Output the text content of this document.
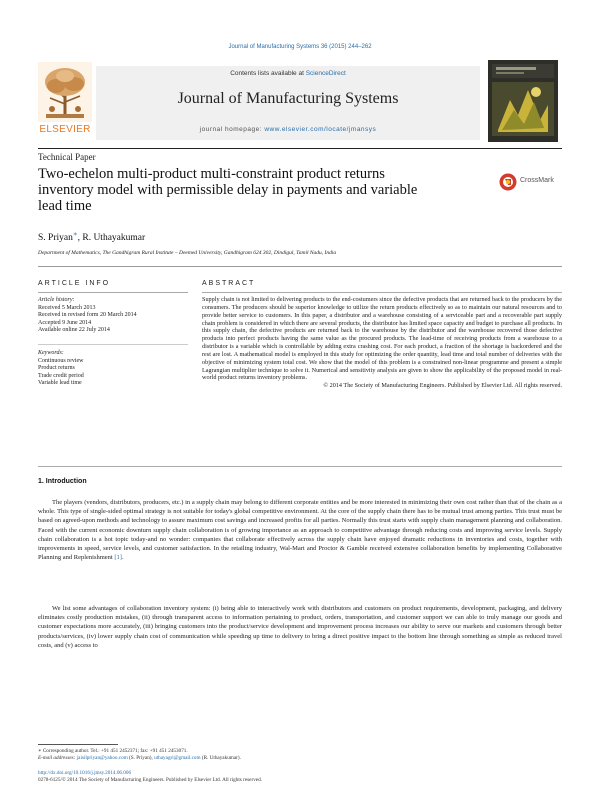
Journal of Manufacturing Systems 36 (2015) 244–262
Contents lists available at ScienceDirect
Journal of Manufacturing Systems
journal homepage: www.elsevier.com/locate/jmansys
ELSEVIER
Technical Paper
Two-echelon multi-product multi-constraint product returns inventory model with permissible delay in payments and variable lead time
CrossMark
S. Priyan∗, R. Uthayakumar
Department of Mathematics, The Gandhigram Rural Institute – Deemed University, Gandhigram 624 302, Dindigul, Tamil Nadu, India
ARTICLE INFO
Article history:
Received 5 March 2013
Received in revised form 20 March 2014
Accepted 9 June 2014
Available online 22 July 2014
Keywords:
Continuous review
Product returns
Trade credit period
Variable lead time
ABSTRACT
Supply chain is not limited to delivering products to the end-costumers since the defective products that are returned back to the producers by the consumers. The producers should be superior knowledge to utilize the return products effectively so as to maintain our natural resources and to provide better service to customers. In this paper, a distributor and a warehouse consisting of a serviceable part and a recoverable part supply chain problem is considered in which there are several products, the distributor has limited space capacity and budget to purchase all products. In this supply chain, the defective products are returned back to the warehouse by the distributor and the warehouse recovered those defective products into perfect products having the same value as the procured products. The lead-time of receiving products from a warehouse to a distributor is a variable which is controllable by adding extra crashing cost. For each product, a fraction of the shortage is backordered and the rest are lost. A mathematical model is employed in this study for optimizing the order quantity, lead time and total number of deliveries with the objective of minimizing system total cost. We show that the model of this problem is a constrained non-linear programme and present a simple Lagrangian multiplier technique to solve it. Numerical and sensitivity analysis are given to show the applicability of the proposed model in real-world product returns inventory problems.
© 2014 The Society of Manufacturing Engineers. Published by Elsevier Ltd. All rights reserved.
1. Introduction
The players (vendors, distributors, producers, etc.) in a supply chain may belong to different corporate entities and be more interested in minimizing their own cost rather than that of the chain as a whole. This type of single-sided optimal strategy is not suitable for today's global competitive environment. At the core of the supply chain there has to be mutual trust among parties. This trust must be based on agreed-upon methods and technology to assure maximum cost savings and increased profits for all parties. Normally this trust starts with supply chain management planning and collaboration. Faced with the current economic downturn supply chain collaboration is of growing importance as an approach to competitive advantage through reducing costs and improving service levels. Supply chain collaboration is a hot topic today-and no wonder: companies that collaborate effectively across the supply chain have enjoyed dramatic reductions in inventories and costs, together with improvements in speed, service levels, and customer satisfaction. In the retailing industry, Wal-Mart and Proctor & Gamble received extensive collaboration benefits by implementing Collaborative Planning and Replenishment [1].
We list some advantages of collaboration inventory system: (i) being able to interactively work with distributors and customers on product requirements, development, packaging, and delivery eliminates costly production mistakes, (ii) through transparent access to information pertaining to product, orders, transportation, and customer support we can able to truly manage our goods and customer expectations more accurately, (iii) bringing customers into the product/service development and improvement process increases our ability to serve our markets and customers through better products/services, (iv) lower supply chain cost of communication while speeding up time to delivery to bring a direct positive impact to the bottom line through something as simple as reduced travel costs, and (v) access to
∗ Corresponding author. Tel.: +91 451 2452371; fax: +91 451 2453071.
E-mail addresses: jaisilpriyan@yahoo.com (S. Priyan), uthayagri@gmail.com (R. Uthayakumar).
http://dx.doi.org/10.1016/j.jmsy.2014.06.006
0278-6125/© 2014 The Society of Manufacturing Engineers. Published by Elsevier Ltd. All rights reserved.
